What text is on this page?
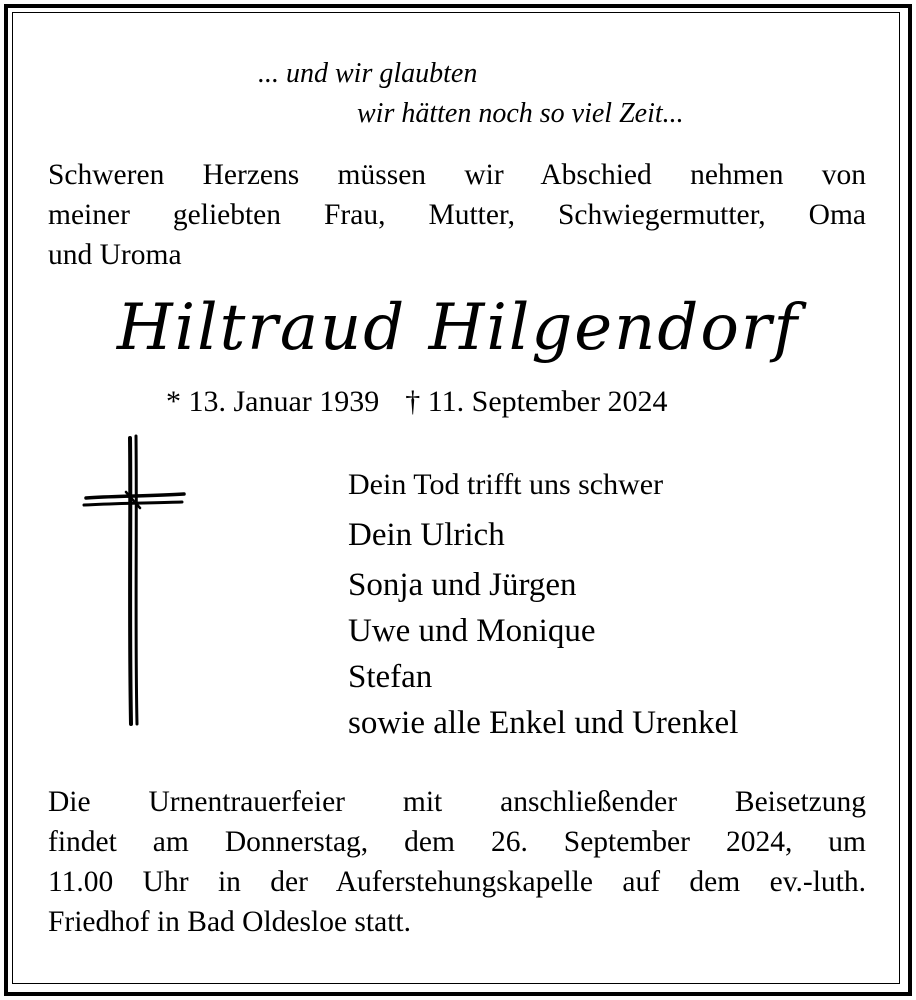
... und wir glaubten
wir hätten noch so viel Zeit...
Schweren Herzens müssen wir Abschied nehmen von
meiner geliebten Frau, Mutter, Schwiegermutter, Oma
und Uroma
Hiltraud Hilgendorf
* 13. Januar 1939 † 11. September 2024
Dein Tod trifft uns schwer
Dein Ulrich
Sonja und Jürgen
Uwe und Monique
Stefan
sowie alle Enkel und Urenkel
Die Urnentrauerfeier mit anschließender Beisetzung
findet am Donnerstag, dem 26. September 2024, um
11.00 Uhr in der Auferstehungskapelle auf dem ev.-luth.
Friedhof in Bad Oldesloe statt.
